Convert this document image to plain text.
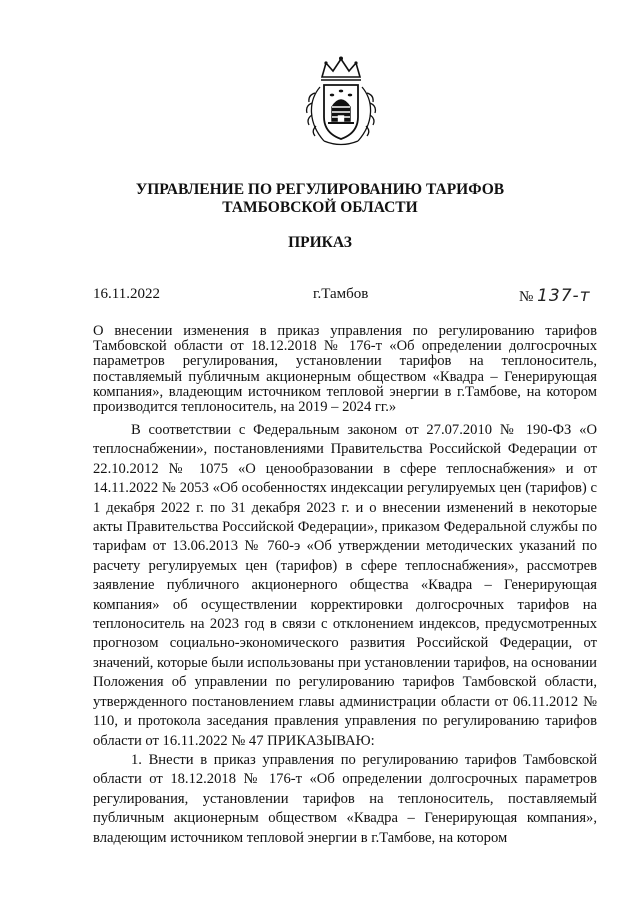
УПРАВЛЕНИЕ ПО РЕГУЛИРОВАНИЮ ТАРИФОВ
ТАМБОВСКОЙ ОБЛАСТИ
ПРИКАЗ
16.11.2022	г.Тамбов	№ 137-т
О внесении изменения в приказ управления по регулированию тарифов Тамбовской области от 18.12.2018 № 176-т «Об определении долгосрочных параметров регулирования, установлении тарифов на теплоноситель, поставляемый публичным акционерным обществом «Квадра – Генерирующая компания», владеющим источником тепловой энергии в г.Тамбове, на котором производится теплоноситель, на 2019 – 2024 гг.»

В соответствии с Федеральным законом от 27.07.2010 № 190-ФЗ «О теплоснабжении», постановлениями Правительства Российской Федерации от 22.10.2012 № 1075 «О ценообразовании в сфере теплоснабжения» и от 14.11.2022 № 2053 «Об особенностях индексации регулируемых цен (тарифов) с 1 декабря 2022 г. по 31 декабря 2023 г. и о внесении изменений в некоторые акты Правительства Российской Федерации», приказом Федеральной службы по тарифам от 13.06.2013 № 760-э «Об утверждении методических указаний по расчету регулируемых цен (тарифов) в сфере теплоснабжения», рассмотрев заявление публичного акционерного общества «Квадра – Генерирующая компания» об осуществлении корректировки долгосрочных тарифов на теплоноситель на 2023 год в связи с отклонением индексов, предусмотренных прогнозом социально-экономического развития Российской Федерации, от значений, которые были использованы при установлении тарифов, на основании Положения об управлении по регулированию тарифов Тамбовской области, утвержденного постановлением главы администрации области от 06.11.2012 № 110, и протокола заседания правления управления по регулированию тарифов области от 16.11.2022 № 47 ПРИКАЗЫВАЮ:

1. Внести в приказ управления по регулированию тарифов Тамбовской области от 18.12.2018 № 176-т «Об определении долгосрочных параметров регулирования, установлении тарифов на теплоноситель, поставляемый публичным акционерным обществом «Квадра – Генерирующая компания», владеющим источником тепловой энергии в г.Тамбове, на котором
